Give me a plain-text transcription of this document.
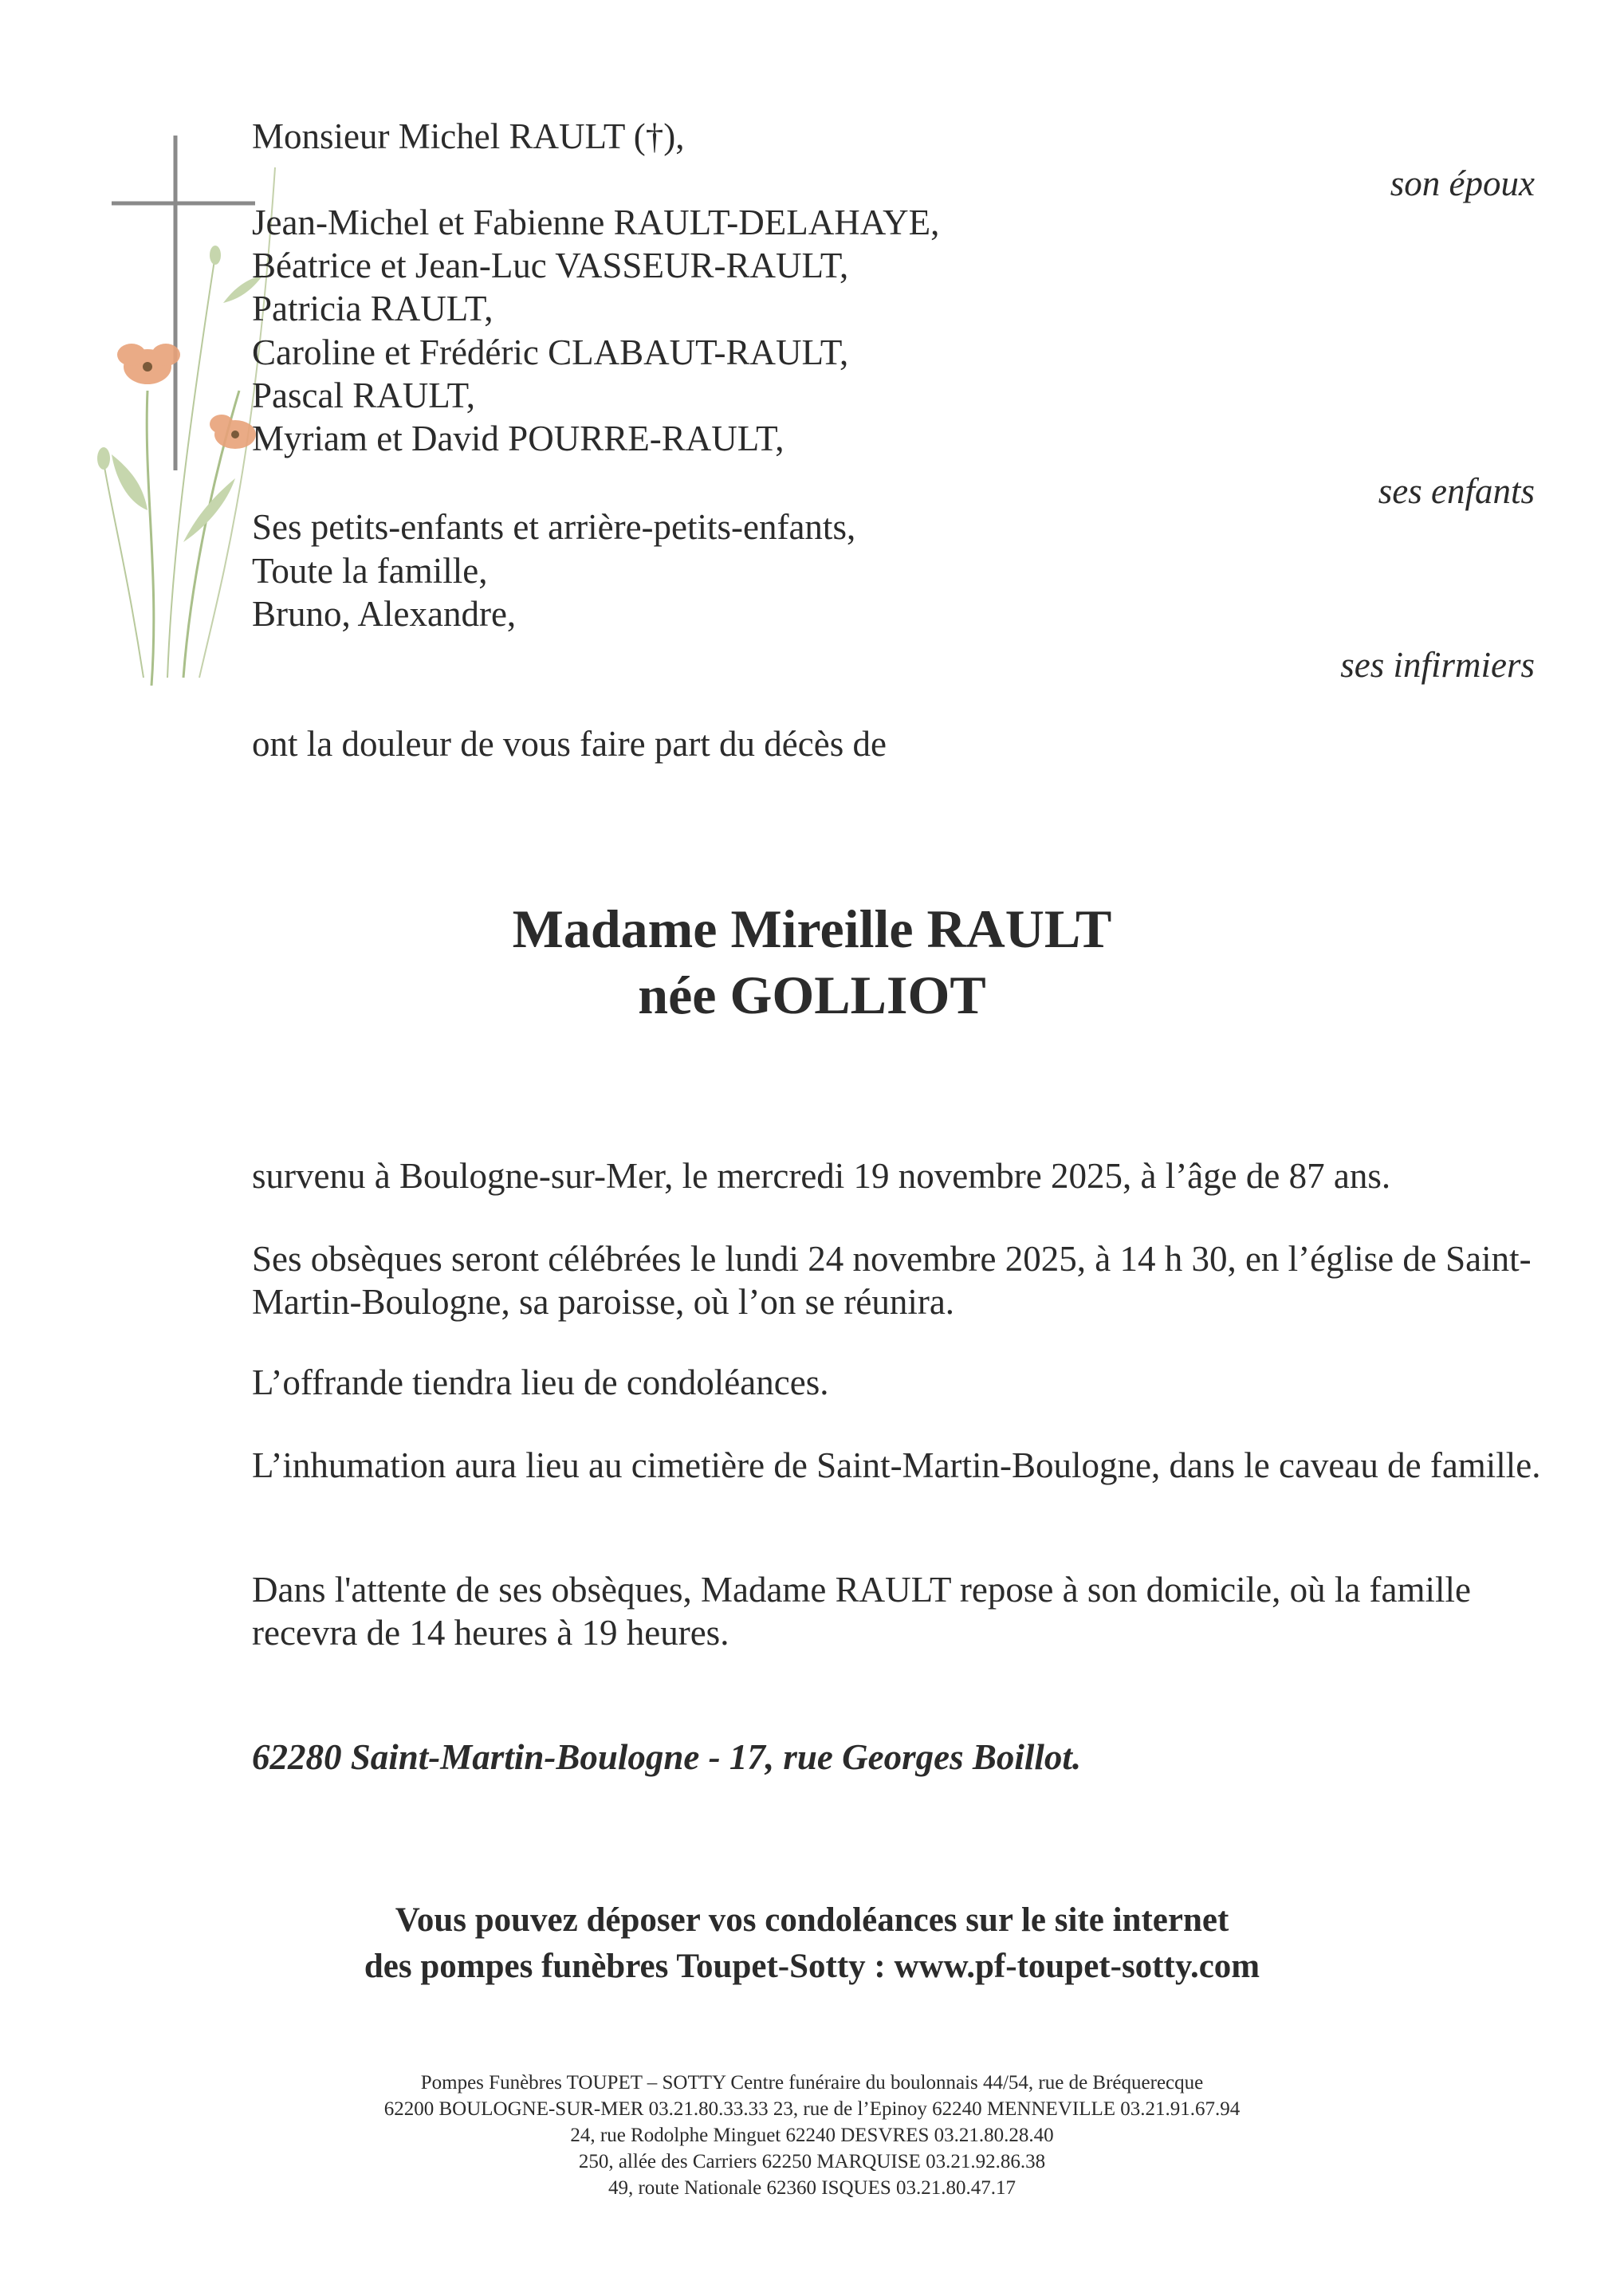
Monsieur Michel RAULT (†),
son époux
Jean-Michel et Fabienne RAULT-DELAHAYE,
Béatrice et Jean-Luc VASSEUR-RAULT,
Patricia RAULT,
Caroline et Frédéric CLABAUT-RAULT,
Pascal RAULT,
Myriam et David POURRE-RAULT,
ses enfants
Ses petits-enfants et arrière-petits-enfants,
Toute la famille,
Bruno, Alexandre,
ses infirmiers
ont la douleur de vous faire part du décès de
Madame Mireille RAULT
née GOLLIOT
survenu à Boulogne-sur-Mer, le mercredi 19 novembre 2025, à l’âge de 87 ans.
Ses obsèques seront célébrées le lundi 24 novembre 2025, à 14 h 30, en l’église de Saint-Martin-Boulogne, sa paroisse, où l’on se réunira.
L’offrande tiendra lieu de condoléances.
L’inhumation aura lieu au cimetière de Saint-Martin-Boulogne, dans le caveau de famille.
Dans l'attente de ses obsèques, Madame RAULT repose à son domicile, où la famille recevra de 14 heures à 19 heures.
62280 Saint-Martin-Boulogne - 17, rue Georges Boillot.
Vous pouvez déposer vos condoléances sur le site internet
des pompes funèbres Toupet-Sotty : www.pf-toupet-sotty.com
Pompes Funèbres TOUPET – SOTTY Centre funéraire du boulonnais 44/54, rue de Bréquerecque
62200 BOULOGNE-SUR-MER 03.21.80.33.33 23, rue de l’Epinoy 62240 MENNEVILLE 03.21.91.67.94
24, rue Rodolphe Minguet 62240 DESVRES 03.21.80.28.40
250, allée des Carriers 62250 MARQUISE 03.21.92.86.38
49, route Nationale 62360 ISQUES 03.21.80.47.17
